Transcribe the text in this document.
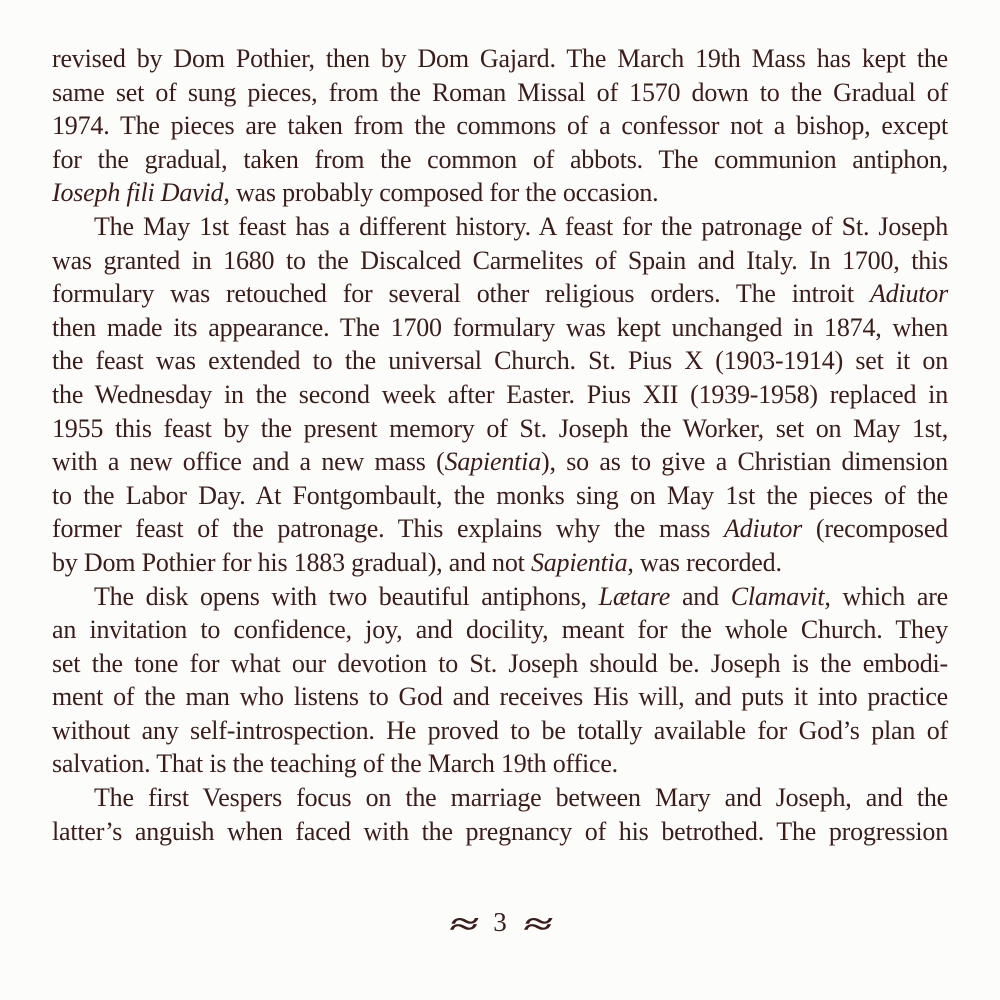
revised by Dom Pothier, then by Dom Gajard. The March 19th Mass has kept the
same set of sung pieces, from the Roman Missal of 1570 down to the Gradual of
1974. The pieces are taken from the commons of a confessor not a bishop, except
for the gradual, taken from the common of abbots. The communion antiphon,
Ioseph fili David, was probably composed for the occasion.
The May 1st feast has a different history. A feast for the patronage of St. Joseph
was granted in 1680 to the Discalced Carmelites of Spain and Italy. In 1700, this
formulary was retouched for several other religious orders. The introit Adiutor
then made its appearance. The 1700 formulary was kept unchanged in 1874, when
the feast was extended to the universal Church. St. Pius X (1903-1914) set it on
the Wednesday in the second week after Easter. Pius XII (1939-1958) replaced in
1955 this feast by the present memory of St. Joseph the Worker, set on May 1st,
with a new office and a new mass (Sapientia), so as to give a Christian dimension
to the Labor Day. At Fontgombault, the monks sing on May 1st the pieces of the
former feast of the patronage. This explains why the mass Adiutor (recomposed
by Dom Pothier for his 1883 gradual), and not Sapientia, was recorded.
The disk opens with two beautiful antiphons, Lætare and Clamavit, which are
an invitation to confidence, joy, and docility, meant for the whole Church. They
set the tone for what our devotion to St. Joseph should be. Joseph is the embodi-
ment of the man who listens to God and receives His will, and puts it into practice
without any self-introspection. He proved to be totally available for God’s plan of
salvation. That is the teaching of the March 19th office.
The first Vespers focus on the marriage between Mary and Joseph, and the
latter’s anguish when faced with the pregnancy of his betrothed. The progression
≈ 3 ≈
